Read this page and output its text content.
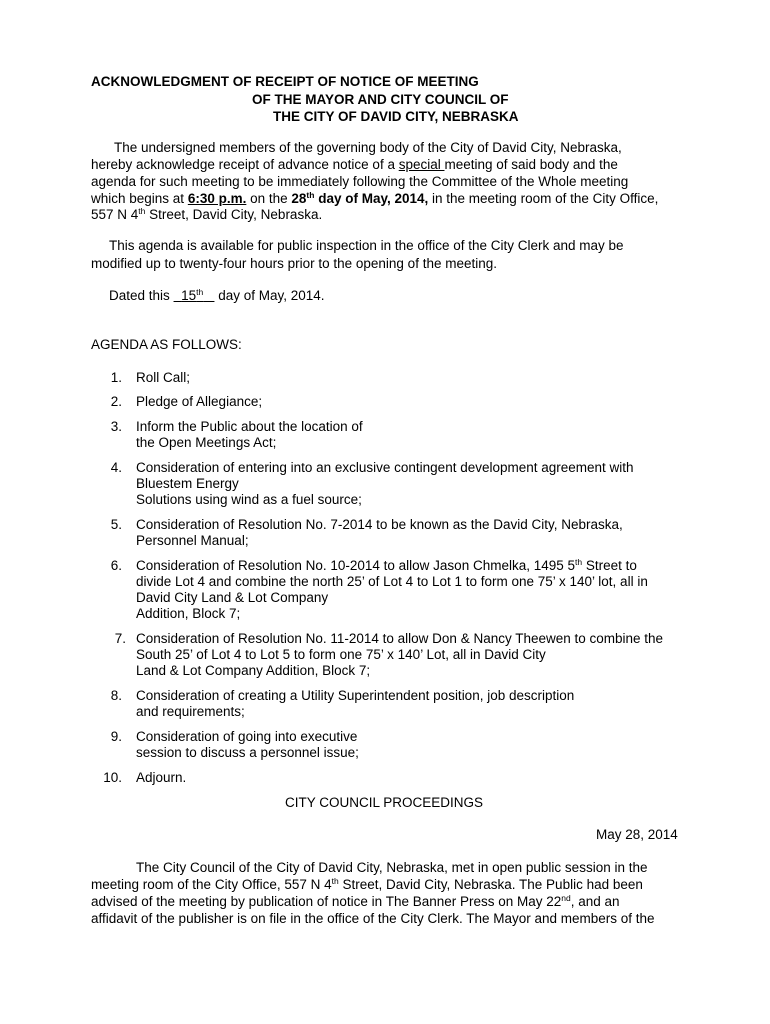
ACKNOWLEDGMENT OF RECEIPT OF NOTICE OF MEETING
OF THE MAYOR AND CITY COUNCIL OF
THE CITY OF DAVID CITY, NEBRASKA
The undersigned members of the governing body of the City of David City, Nebraska,
hereby acknowledge receipt of advance notice of a special meeting of said body and the
agenda for such meeting to be immediately following the Committee of the Whole meeting
which begins at 6:30 p.m. on the 28th day of May, 2014, in the meeting room of the City Office,
557 N 4th Street, David City, Nebraska.
This agenda is available for public inspection in the office of the City Clerk and may be
modified up to twenty-four hours prior to the opening of the meeting.
Dated this   15th    day of May, 2014.
AGENDA AS FOLLOWS:
1. Roll Call;
2. Pledge of Allegiance;
3. Inform the Public about the location of
the Open Meetings Act;
4. Consideration of entering into an exclusive contingent development agreement with
Bluestem Energy
Solutions using wind as a fuel source;
5. Consideration of Resolution No. 7-2014 to be known as the David City, Nebraska,
Personnel Manual;
6. Consideration of Resolution No. 10-2014 to allow Jason Chmelka, 1495 5th Street to
divide Lot 4 and combine the north 25’ of Lot 4 to Lot 1 to form one 75’ x 140’ lot, all in
David City Land & Lot Company
Addition, Block 7;
7. Consideration of Resolution No. 11-2014 to allow Don & Nancy Theewen to combine the
South 25’ of Lot 4 to Lot 5 to form one 75’ x 140’ Lot, all in David City
Land & Lot Company Addition, Block 7;
8. Consideration of creating a Utility Superintendent position, job description
and requirements;
9. Consideration of going into executive
session to discuss a personnel issue;
10. Adjourn.
CITY COUNCIL PROCEEDINGS
May 28, 2014
The City Council of the City of David City, Nebraska, met in open public session in the
meeting room of the City Office, 557 N 4th Street, David City, Nebraska. The Public had been
advised of the meeting by publication of notice in The Banner Press on May 22nd, and an
affidavit of the publisher is on file in the office of the City Clerk. The Mayor and members of the
